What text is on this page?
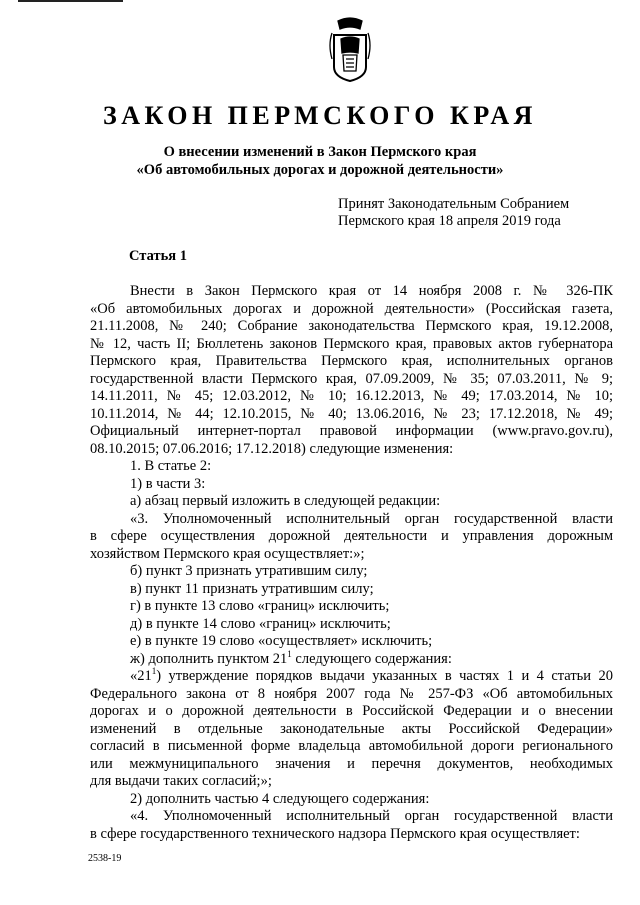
ЗАКОН ПЕРМСКОГО КРАЯ
О внесении изменений в Закон Пермского края
«Об автомобильных дорогах и дорожной деятельности»
Принят Законодательным Собранием
Пермского края 18 апреля 2019 года
Статья 1

Внести в Закон Пермского края от 14 ноября 2008 г. № 326-ПК

«Об автомобильных дорогах и дорожной деятельности» (Российская газета,

21.11.2008, № 240; Собрание законодательства Пермского края, 19.12.2008,

№ 12, часть II; Бюллетень законов Пермского края, правовых актов губернатора

Пермского края, Правительства Пермского края, исполнительных органов

государственной власти Пермского края, 07.09.2009, № 35; 07.03.2011, № 9;

14.11.2011, № 45; 12.03.2012, № 10; 16.12.2013, № 49; 17.03.2014, № 10;

10.11.2014, № 44; 12.10.2015, № 40; 13.06.2016, № 23; 17.12.2018, № 49;

Официальный интернет-портал правовой информации (www.pravo.gov.ru),

08.10.2015; 07.06.2016; 17.12.2018) следующие изменения:

1. В статье 2:

1) в части 3:

а) абзац первый изложить в следующей редакции:

«3. Уполномоченный исполнительный орган государственной власти

в сфере осуществления дорожной деятельности и управления дорожным

хозяйством Пермского края осуществляет:»;

б) пункт 3 признать утратившим силу;

в) пункт 11 признать утратившим силу;

г) в пункте 13 слово «границ» исключить;

д) в пункте 14 слово «границ» исключить;

е) в пункте 19 слово «осуществляет» исключить;

ж) дополнить пунктом $21^1$ следующего содержания:

«$21^1$) утверждение порядков выдачи указанных в частях 1 и 4 статьи 20

Федерального закона от 8 ноября 2007 года № 257-ФЗ «Об автомобильных

дорогах и о дорожной деятельности в Российской Федерации и о внесении

изменений в отдельные законодательные акты Российской Федерации»

согласий в письменной форме владельца автомобильной дороги регионального

или межмуниципального значения и перечня документов, необходимых

для выдачи таких согласий;»;

2) дополнить частью 4 следующего содержания:

«4. Уполномоченный исполнительный орган государственной власти

в сфере государственного технического надзора Пермского края осуществляет:

2538-19
